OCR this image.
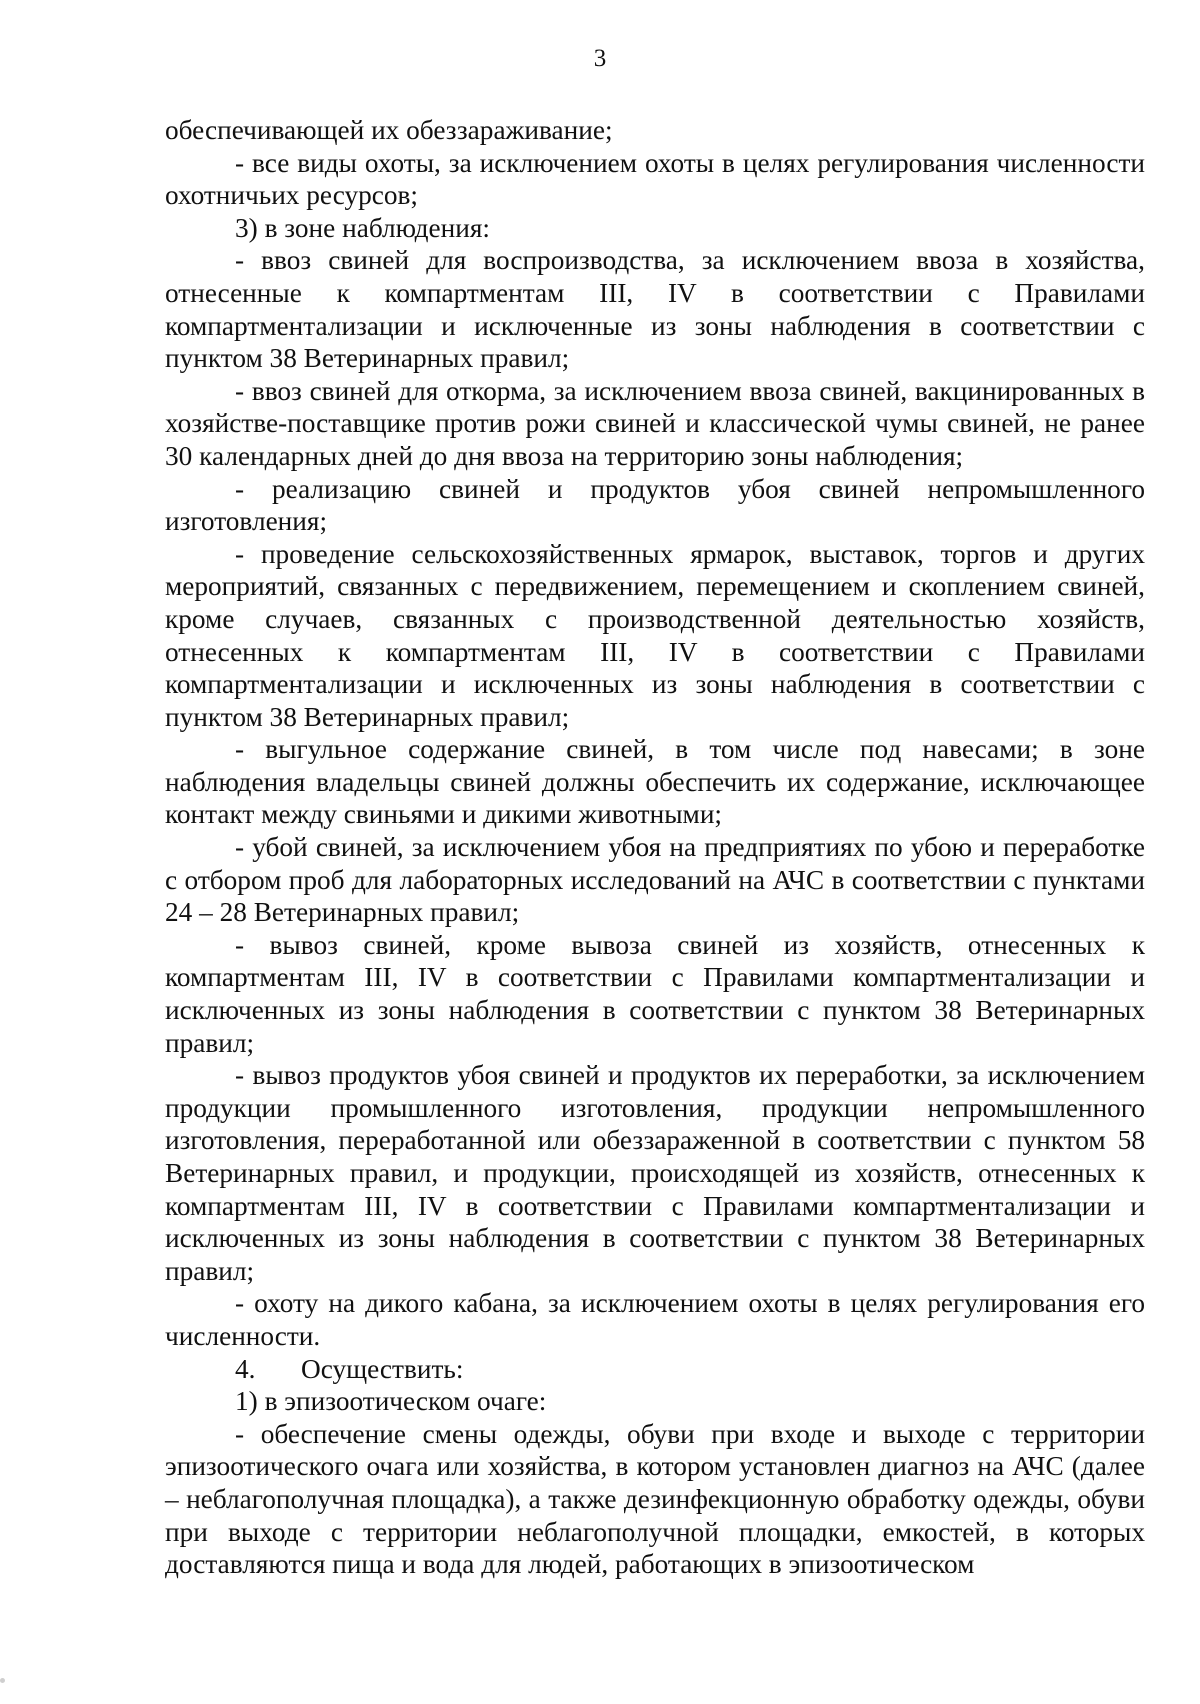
3

обеспечивающей их обеззараживание;

- все виды охоты, за исключением охоты в целях регулирования численности охотничьих ресурсов;

3) в зоне наблюдения:

- ввоз свиней для воспроизводства, за исключением ввоза в хозяйства, отнесенные к компартментам III, IV в соответствии с Правилами компартментализации и исключенные из зоны наблюдения в соответствии с пунктом 38 Ветеринарных правил;

- ввоз свиней для откорма, за исключением ввоза свиней, вакцинированных в хозяйстве-поставщике против рожи свиней и классической чумы свиней, не ранее 30 календарных дней до дня ввоза на территорию зоны наблюдения;

- реализацию свиней и продуктов убоя свиней непромышленного изготовления;

- проведение сельскохозяйственных ярмарок, выставок, торгов и других мероприятий, связанных с передвижением, перемещением и скоплением свиней, кроме случаев, связанных с производственной деятельностью хозяйств, отнесенных к компартментам III, IV в соответствии с Правилами компартментализации и исключенных из зоны наблюдения в соответствии с пунктом 38 Ветеринарных правил;

- выгульное содержание свиней, в том числе под навесами; в зоне наблюдения владельцы свиней должны обеспечить их содержание, исключающее контакт между свиньями и дикими животными;

- убой свиней, за исключением убоя на предприятиях по убою и переработке с отбором проб для лабораторных исследований на АЧС в соответствии с пунктами 24 – 28 Ветеринарных правил;

- вывоз свиней, кроме вывоза свиней из хозяйств, отнесенных к компартментам III, IV в соответствии с Правилами компартментализации и исключенных из зоны наблюдения в соответствии с пунктом 38 Ветеринарных правил;

- вывоз продуктов убоя свиней и продуктов их переработки, за исключением продукции промышленного изготовления, продукции непромышленного изготовления, переработанной или обеззараженной в соответствии с пунктом 58 Ветеринарных правил, и продукции, происходящей из хозяйств, отнесенных к компартментам III, IV в соответствии с Правилами компартментализации и исключенных из зоны наблюдения в соответствии с пунктом 38 Ветеринарных правил;

- охоту на дикого кабана, за исключением охоты в целях регулирования его численности.

4. Осуществить:

1) в эпизоотическом очаге:

- обеспечение смены одежды, обуви при входе и выходе с территории эпизоотического очага или хозяйства, в котором установлен диагноз на АЧС (далее – неблагополучная площадка), а также дезинфекционную обработку одежды, обуви при выходе с территории неблагополучной площадки, емкостей, в которых доставляются пища и вода для людей, работающих в эпизоотическом
